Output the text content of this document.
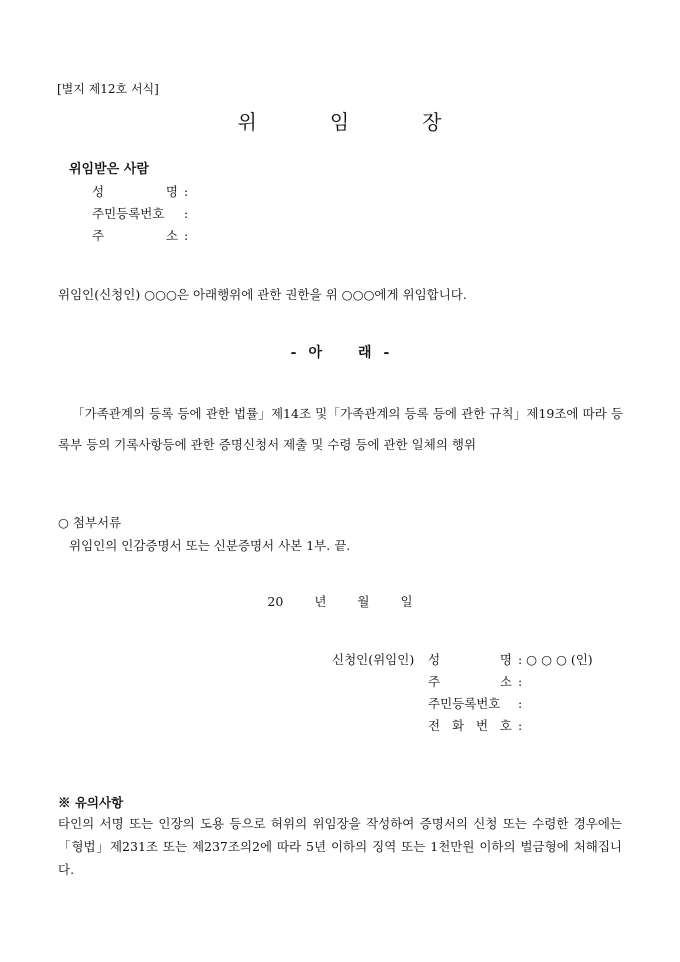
[별지 제12호 서식]
위	임	장
위임받은 사람
성	명 :
주민등록번호 :
주	소 :
위임인(신청인) ○○○은 아래행위에 관한 권한을 위 ○○○에게 위임합니다.
- 아	래 -
「가족관계의 등록 등에 관한 법률」제14조 및「가족관계의 등록 등에 관한 규칙」제19조에 따라 등록부 등의 기록사항등에 관한 증명신청서 제출 및 수령 등에 관한 일체의 행위
○ 첨부서류
위임인의 인감증명서 또는 신분증명서 사본 1부. 끝.
20 년 월 일
신청인(위임인) 성	명 : ○ ○ ○ (인)
주	소 :
주민등록번호 :
전 화 번 호 :
※ 유의사항
타인의 서명 또는 인장의 도용 등으로 허위의 위임장을 작성하여 증명서의 신청 또는 수령한 경우에는「형법」제231조 또는 제237조의2에 따라 5년 이하의 징역 또는 1천만원 이하의 벌금형에 처해집니다.
